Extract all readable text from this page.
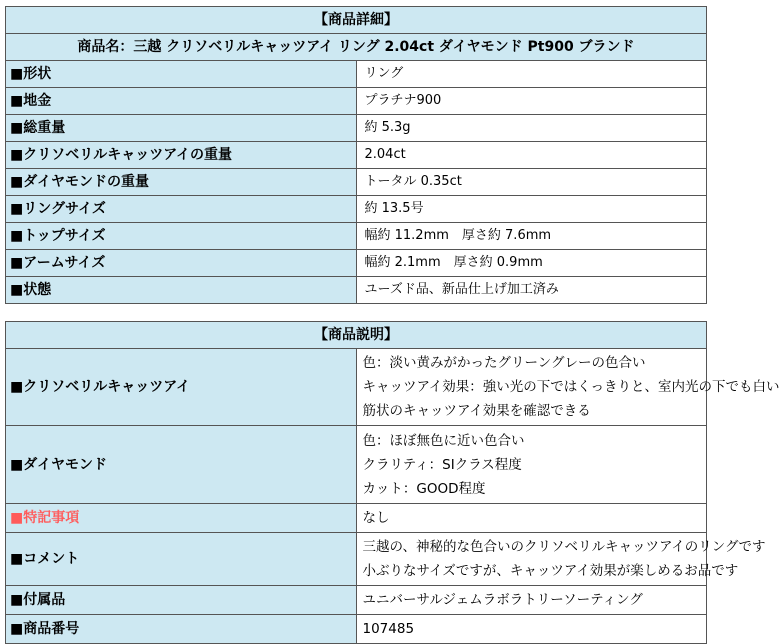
【商品詳細】	
商品名：三越 クリソベリルキャッツアイ リング 2.04ct ダイヤモンド Pt900 ブランド	
■形状	リング
■地金	プラチナ900
■総重量	約 5.3g
■クリソベリルキャッツアイの重量	2.04ct
■ダイヤモンドの重量	トータル 0.35ct
■リングサイズ	約 13.5号
■トップサイズ	幅約 11.2mm　厚さ約 7.6mm
■アームサイズ	幅約 2.1mm　厚さ約 0.9mm
■状態	ユーズド品、新品仕上げ加工済み
【商品説明】	
■クリソベリルキャッツアイ	色：淡い黄みがかったグリーングレーの色合い
キャッツアイ効果：強い光の下ではくっきりと、室内光の下でも白い
筋状のキャッツアイ効果を確認できる

■ダイヤモンド	色：ほぼ無色に近い色合い
クラリティ：SIクラス程度
カット：GOOD程度

■特記事項	なし

■コメント	三越の、神秘的な色合いのクリソベリルキャッツアイのリングです
小ぶりなサイズですが、キャッツアイ効果が楽しめるお品です

■付属品	ユニバーサルジェムラボラトリーソーティング

■商品番号	107485
